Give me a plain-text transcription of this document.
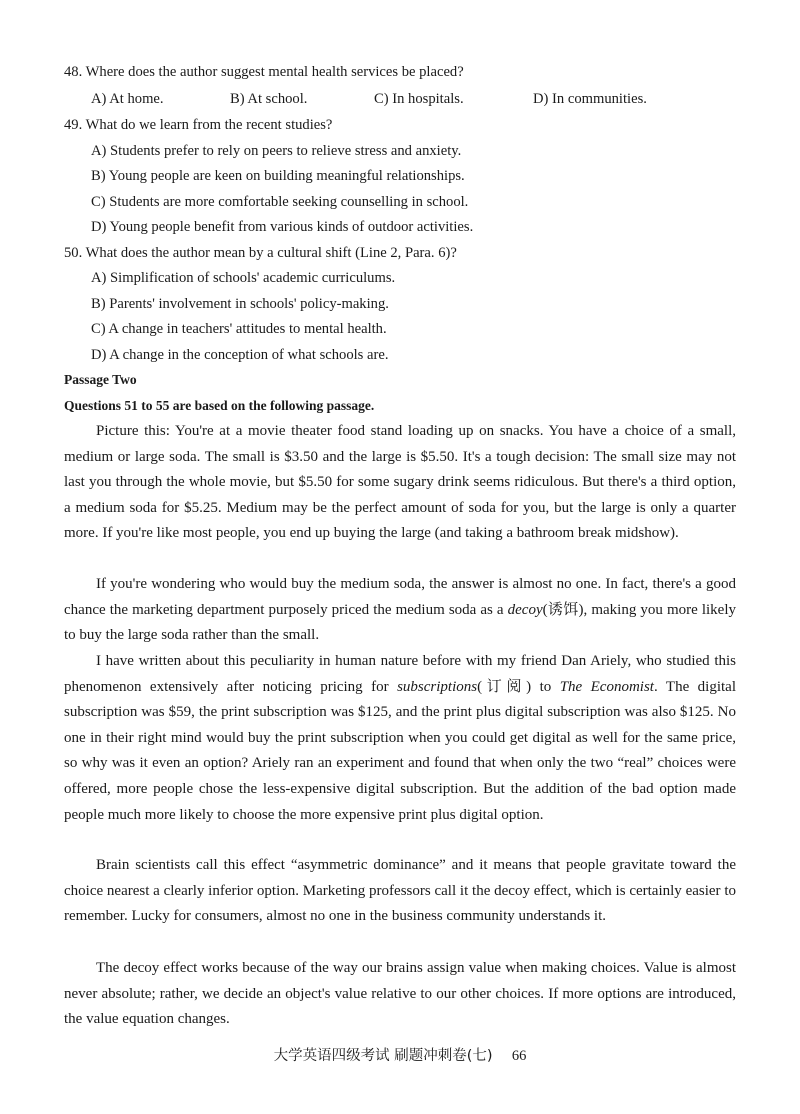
48. Where does the author suggest mental health services be placed?
A) At home.	B) At school.	C) In hospitals.	D) In communities.
49. What do we learn from the recent studies?
A) Students prefer to rely on peers to relieve stress and anxiety.
B) Young people are keen on building meaningful relationships.
C) Students are more comfortable seeking counselling in school.
D) Young people benefit from various kinds of outdoor activities.
50. What does the author mean by a cultural shift (Line 2, Para. 6)?
A) Simplification of schools' academic curriculums.
B) Parents' involvement in schools' policy-making.
C) A change in teachers' attitudes to mental health.
D) A change in the conception of what schools are.
Passage Two
Questions 51 to 55 are based on the following passage.

Picture this: You're at a movie theater food stand loading up on snacks. You have a choice of a small, medium or large soda. The small is $3.50 and the large is $5.50. It's a tough decision: The small size may not last you through the whole movie, but $5.50 for some sugary drink seems ridiculous. But there's a third option, a medium soda for $5.25. Medium may be the perfect amount of soda for you, but the large is only a quarter more. If you're like most people, you end up buying the large (and taking a bathroom break midshow).

If you're wondering who would buy the medium soda, the answer is almost no one. In fact, there's a good chance the marketing department purposely priced the medium soda as a decoy(诱饵), making you more likely to buy the large soda rather than the small.

I have written about this peculiarity in human nature before with my friend Dan Ariely, who studied this phenomenon extensively after noticing pricing for subscriptions(订阅) to The Economist. The digital subscription was $59, the print subscription was $125, and the print plus digital subscription was also $125. No one in their right mind would buy the print subscription when you could get digital as well for the same price, so why was it even an option? Ariely ran an experiment and found that when only the two “real” choices were offered, more people chose the less-expensive digital subscription. But the addition of the bad option made people much more likely to choose the more expensive print plus digital option.

Brain scientists call this effect “asymmetric dominance” and it means that people gravitate toward the choice nearest a clearly inferior option. Marketing professors call it the decoy effect, which is certainly easier to remember. Lucky for consumers, almost no one in the business community understands it.

The decoy effect works because of the way our brains assign value when making choices. Value is almost never absolute; rather, we decide an object's value relative to our other choices. If more options are introduced, the value equation changes.

大学英语四级考试 刷题冲刺卷(七) 66
